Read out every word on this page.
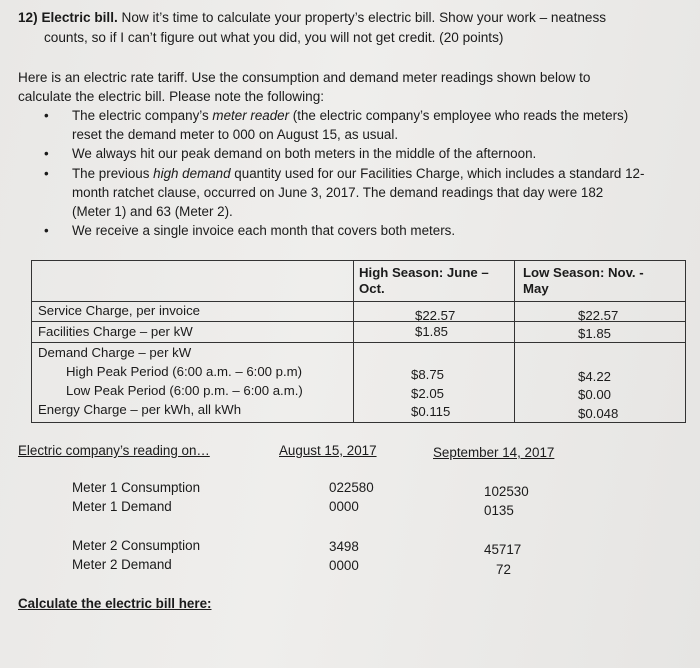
12) Electric bill. Now it’s time to calculate your property’s electric bill. Show your work – neatness
counts, so if I can’t figure out what you did, you will not get credit. (20 points)
Here is an electric rate tariff. Use the consumption and demand meter readings shown below to
calculate the electric bill. Please note the following:
• The electric company’s meter reader (the electric company’s employee who reads the meters)
reset the demand meter to 000 on August 15, as usual.
• We always hit our peak demand on both meters in the middle of the afternoon.
• The previous high demand quantity used for our Facilities Charge, which includes a standard 12-
month ratchet clause, occurred on June 3, 2017. The demand readings that day were 182
(Meter 1) and 63 (Meter 2).
• We receive a single invoice each month that covers both meters.
High Season: June –
Oct.
Low Season: Nov. -
May
Service Charge, per invoice	$22.57	$22.57
Facilities Charge – per kW	$1.85	$1.85
Demand Charge – per kW
High Peak Period (6:00 a.m. – 6:00 p.m)	$8.75	$4.22
Low Peak Period (6:00 p.m. – 6:00 a.m.)	$2.05	$0.00
Energy Charge – per kWh, all kWh	$0.115	$0.048
Electric company’s reading on…	August 15, 2017	September 14, 2017
Meter 1 Consumption	022580	102530
Meter 1 Demand	0000	0135
Meter 2 Consumption	3498	45717
Meter 2 Demand	0000	72
Calculate the electric bill here:
